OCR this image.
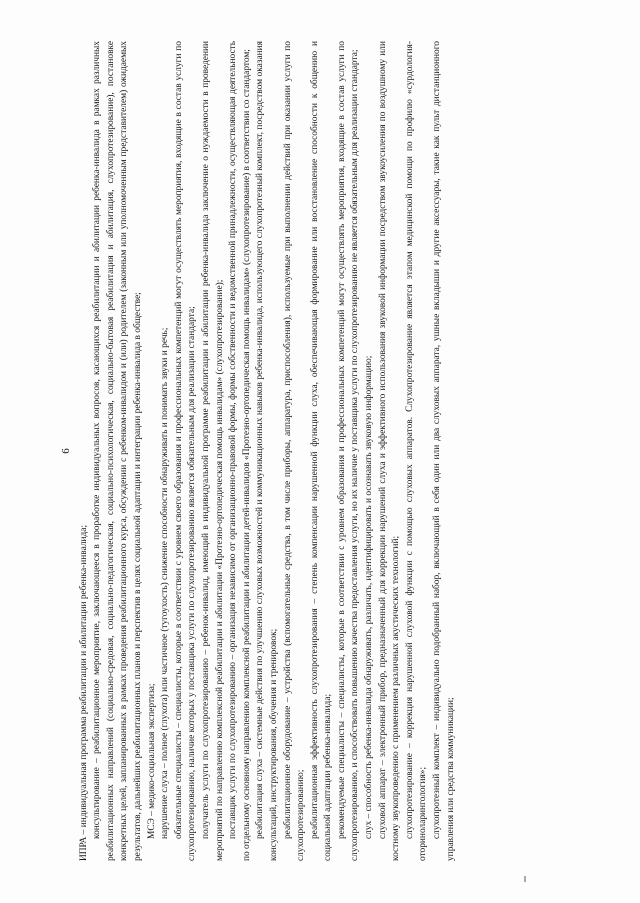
6

ИПРА – индивидуальная программа реабилитации и абилитации ребенка-инвалида; консультирование – реабилитационное мероприятие, заключающееся в проработке индивидуальных вопросов, касающихся реабилитации и абилитации ребенка-инвалида в рамках различных реабилитационных направлений (социально-средовая, социально-педагогическая, социально-психологическая, социально-бытовая реабилитация и абилитация, слухопротезирование), постановке конкретных целей, запланированных в рамках проведения реабилитационного курса, обсуждении с ребенком-инвалидом и (или) родителем (законным или уполномоченным представителем) ожидаемых результатов, дальнейших реабилитационных планов и перспектив в целях социальной адаптации и интеграции ребенка-инвалида в обществе; МСЭ – медико-социальная экспертиза; нарушение слуха – полное (глухота) или частичное (тугоухость) снижение способности обнаруживать и понимать звуки и речь; обязательные специалисты – специалисты, которые в соответствии с уровнем своего образования и профессиональных компетенций могут осуществлять мероприятия, входящие в состав услуги по слухопротезированию, наличие которых у поставщика услуги по слухопротезированию является обязательным для реализации стандарта; получатель услуги по слухопротезированию – ребенок-инвалид, имеющий в индивидуальной программе реабилитации и абилитации ребенка-инвалида заключение о нуждаемости в проведении мероприятий по направлению комплексной реабилитации и абилитации «Протезно-ортопедическая помощь инвалидам» (слухопротезирование); поставщик услуги по слухопротезированию – организация независимо от организационно-правовой формы, формы собственности и ведомственной принадлежности, осуществляющая деятельность по отдельному основному направлению комплексной реабилитации и абилитации детей-инвалидов «Протезно-ортопедическая помощь инвалидам» (слухопротезирование) в соответствии со стандартом; реабилитация слуха – системные действия по улучшению слуховых возможностей и коммуникационных навыков ребенка-инвалида, использующего слухопротезный комплект, посредством оказания консультаций, инструктирования, обучения и тренировок; реабилитационное оборудование – устройства (вспомогательные средства, в том числе приборы, аппаратура, приспособления), используемые при выполнении действий при оказании услуги по слухопротезированию; реабилитационная эффективность слухопротезирования – степень компенсации нарушенной функции слуха, обеспечивающая формирование или восстановление способности к общению и социальной адаптации ребенка-инвалида; рекомендуемые специалисты – специалисты, которые в соответствии с уровнем образования и профессиональных компетенций могут осуществлять мероприятия, входящие в состав услуги по слухопротезированию, и способствовать повышению качества предоставления услуги, но их наличие у поставщика услуги по слухопротезированию не является обязательным для реализации стандарта; слух – способность ребенка-инвалида обнаруживать, различать, идентифицировать и осознавать звуковую информацию; слуховой аппарат – электронный прибор, предназначенный для коррекции нарушений слуха и эффективного использования звуковой информации посредством звукоусиления по воздушному или костному звукопроведению с применением различных акустических технологий; слухопротезирование – коррекция нарушенной слуховой функции с помощью слуховых аппаратов. Слухопротезирование является этапом медицинской помощи по профилю «сурдология-оториноларингология»; слухопротезный комплект – индивидуально подобранный набор, включающий в себя один или два слуховых аппарата, ушные вкладыши и другие аксессуары, такие как пульт дистанционного управления или средства коммуникации;
